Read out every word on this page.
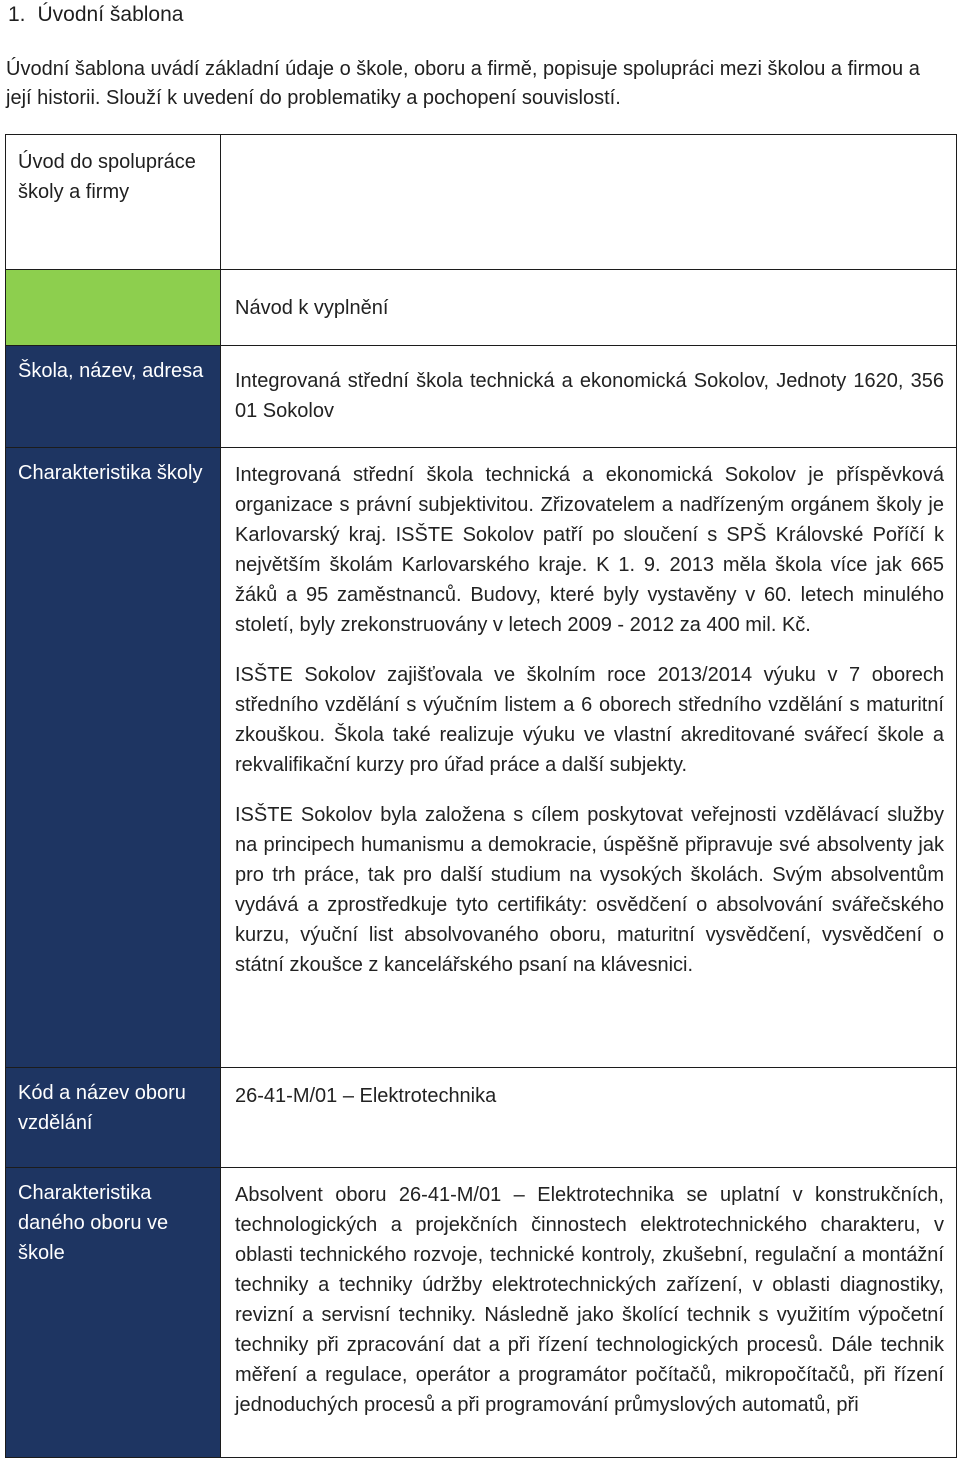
1. Úvodní šablona
Úvodní šablona uvádí základní údaje o škole, oboru a firmě, popisuje spolupráci mezi školou a firmou a její historii. Slouží k uvedení do problematiky a pochopení souvislostí.
Úvod do spolupráce školy a firmy	

	Návod k vyplnění

Škola, název, adresa	Integrovaná střední škola technická a ekonomická Sokolov, Jednoty 1620, 356 01 Sokolov

Charakteristika školy	Integrovaná střední škola technická a ekonomická Sokolov je příspěvková organizace s právní subjektivitou. Zřizovatelem a nadřízeným orgánem školy je Karlovarský kraj. ISŠTE Sokolov patří po sloučení s SPŠ Královské Poříčí k největším školám Karlovarského kraje. K 1. 9. 2013 měla škola více jak 665 žáků a 95 zaměstnanců. Budovy, které byly vystavěny v 60. letech minulého století, byly zrekonstruovány v letech 2009 - 2012 za 400 mil. Kč.

ISŠTE Sokolov zajišťovala ve školním roce 2013/2014 výuku v 7 oborech středního vzdělání s výučním listem a 6 oborech středního vzdělání s maturitní zkouškou. Škola také realizuje výuku ve vlastní akreditované svářecí škole a rekvalifikační kurzy pro úřad práce a další subjekty.

ISŠTE Sokolov byla založena s cílem poskytovat veřejnosti vzdělávací služby na principech humanismu a demokracie, úspěšně připravuje své absolventy jak pro trh práce, tak pro další studium na vysokých školách. Svým absolventům vydává a zprostředkuje tyto certifikáty: osvědčení o absolvování svářečského kurzu, výuční list absolvovaného oboru, maturitní vysvědčení, vysvědčení o státní zkoušce z kancelářského psaní na klávesnici.

Kód a název oboru vzdělání	26-41-M/01 – Elektrotechnika

Charakteristika daného oboru ve škole	Absolvent oboru 26-41-M/01 – Elektrotechnika se uplatní v konstrukčních, technologických a projekčních činnostech elektrotechnického charakteru, v oblasti technického rozvoje, technické kontroly, zkušební, regulační a montážní techniky a techniky údržby elektrotechnických zařízení, v oblasti diagnostiky, revizní a servisní techniky. Následně jako školící technik s využitím výpočetní techniky při zpracování dat a při řízení technologických procesů. Dále technik měření a regulace, operátor a programátor počítačů, mikropočítačů, při řízení jednoduchých procesů a při programování průmyslových automatů, při
